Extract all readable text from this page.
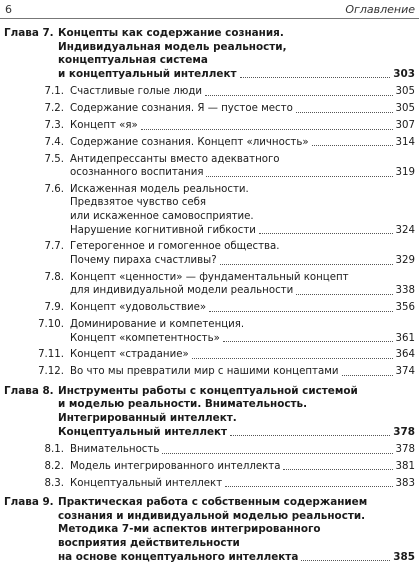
6	Оглавление
Глава 7. Концепты как содержание сознания.
Индивидуальная модель реальности,
концептуальная система
и концептуальный интеллект	303
7.1. Счастливые голые люди	305
7.2. Содержание сознания. Я — пустое место	305
7.3. Концепт «я»	307
7.4. Содержание сознания. Концепт «личность»	314
7.5. Антидепрессанты вместо адекватного
осознанного воспитания	319
7.6. Искаженная модель реальности.
Предвзятое чувство себя
или искаженное самовосприятие.
Нарушение когнитивной гибкости	324
7.7. Гетерогенное и гомогенное общества.
Почему пираха счастливы?	329
7.8. Концепт «ценности» — фундаментальный концепт
для индивидуальной модели реальности	338
7.9. Концепт «удовольствие»	356
7.10. Доминирование и компетенция.
Концепт «компетентность»	361
7.11. Концепт «страдание»	364
7.12. Во что мы превратили мир с нашими концептами	374
Глава 8. Инструменты работы с концептуальной системой
и моделью реальности. Внимательность.
Интегрированный интеллект.
Концептуальный интеллект	378
8.1. Внимательность	378
8.2. Модель интегрированного интеллекта	381
8.3. Концептуальный интеллект	383
Глава 9. Практическая работа с собственным содержанием
сознания и индивидуальной моделью реальности.
Методика 7-ми аспектов интегрированного
восприятия действительности
на основе концептуального интеллекта	385
